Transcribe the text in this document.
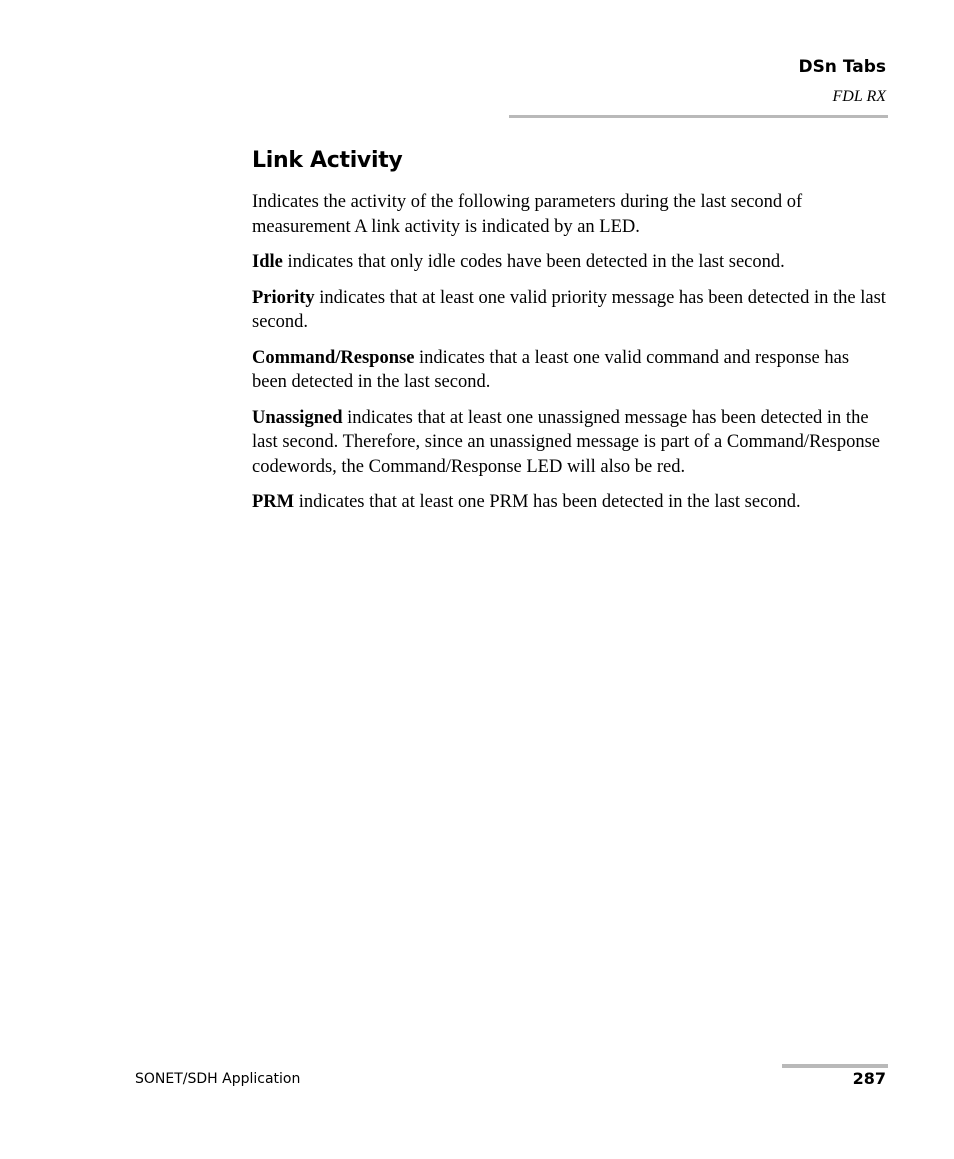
DSn Tabs
FDL RX
Link Activity

Indicates the activity of the following parameters during the last second of measurement A link activity is indicated by an LED.

Idle indicates that only idle codes have been detected in the last second.

Priority indicates that at least one valid priority message has been detected in the last second.

Command/Response indicates that a least one valid command and response has been detected in the last second.

Unassigned indicates that at least one unassigned message has been detected in the last second. Therefore, since an unassigned message is part of a Command/Response codewords, the Command/Response LED will also be red.

PRM indicates that at least one PRM has been detected in the last second.

SONET/SDH Application	287
